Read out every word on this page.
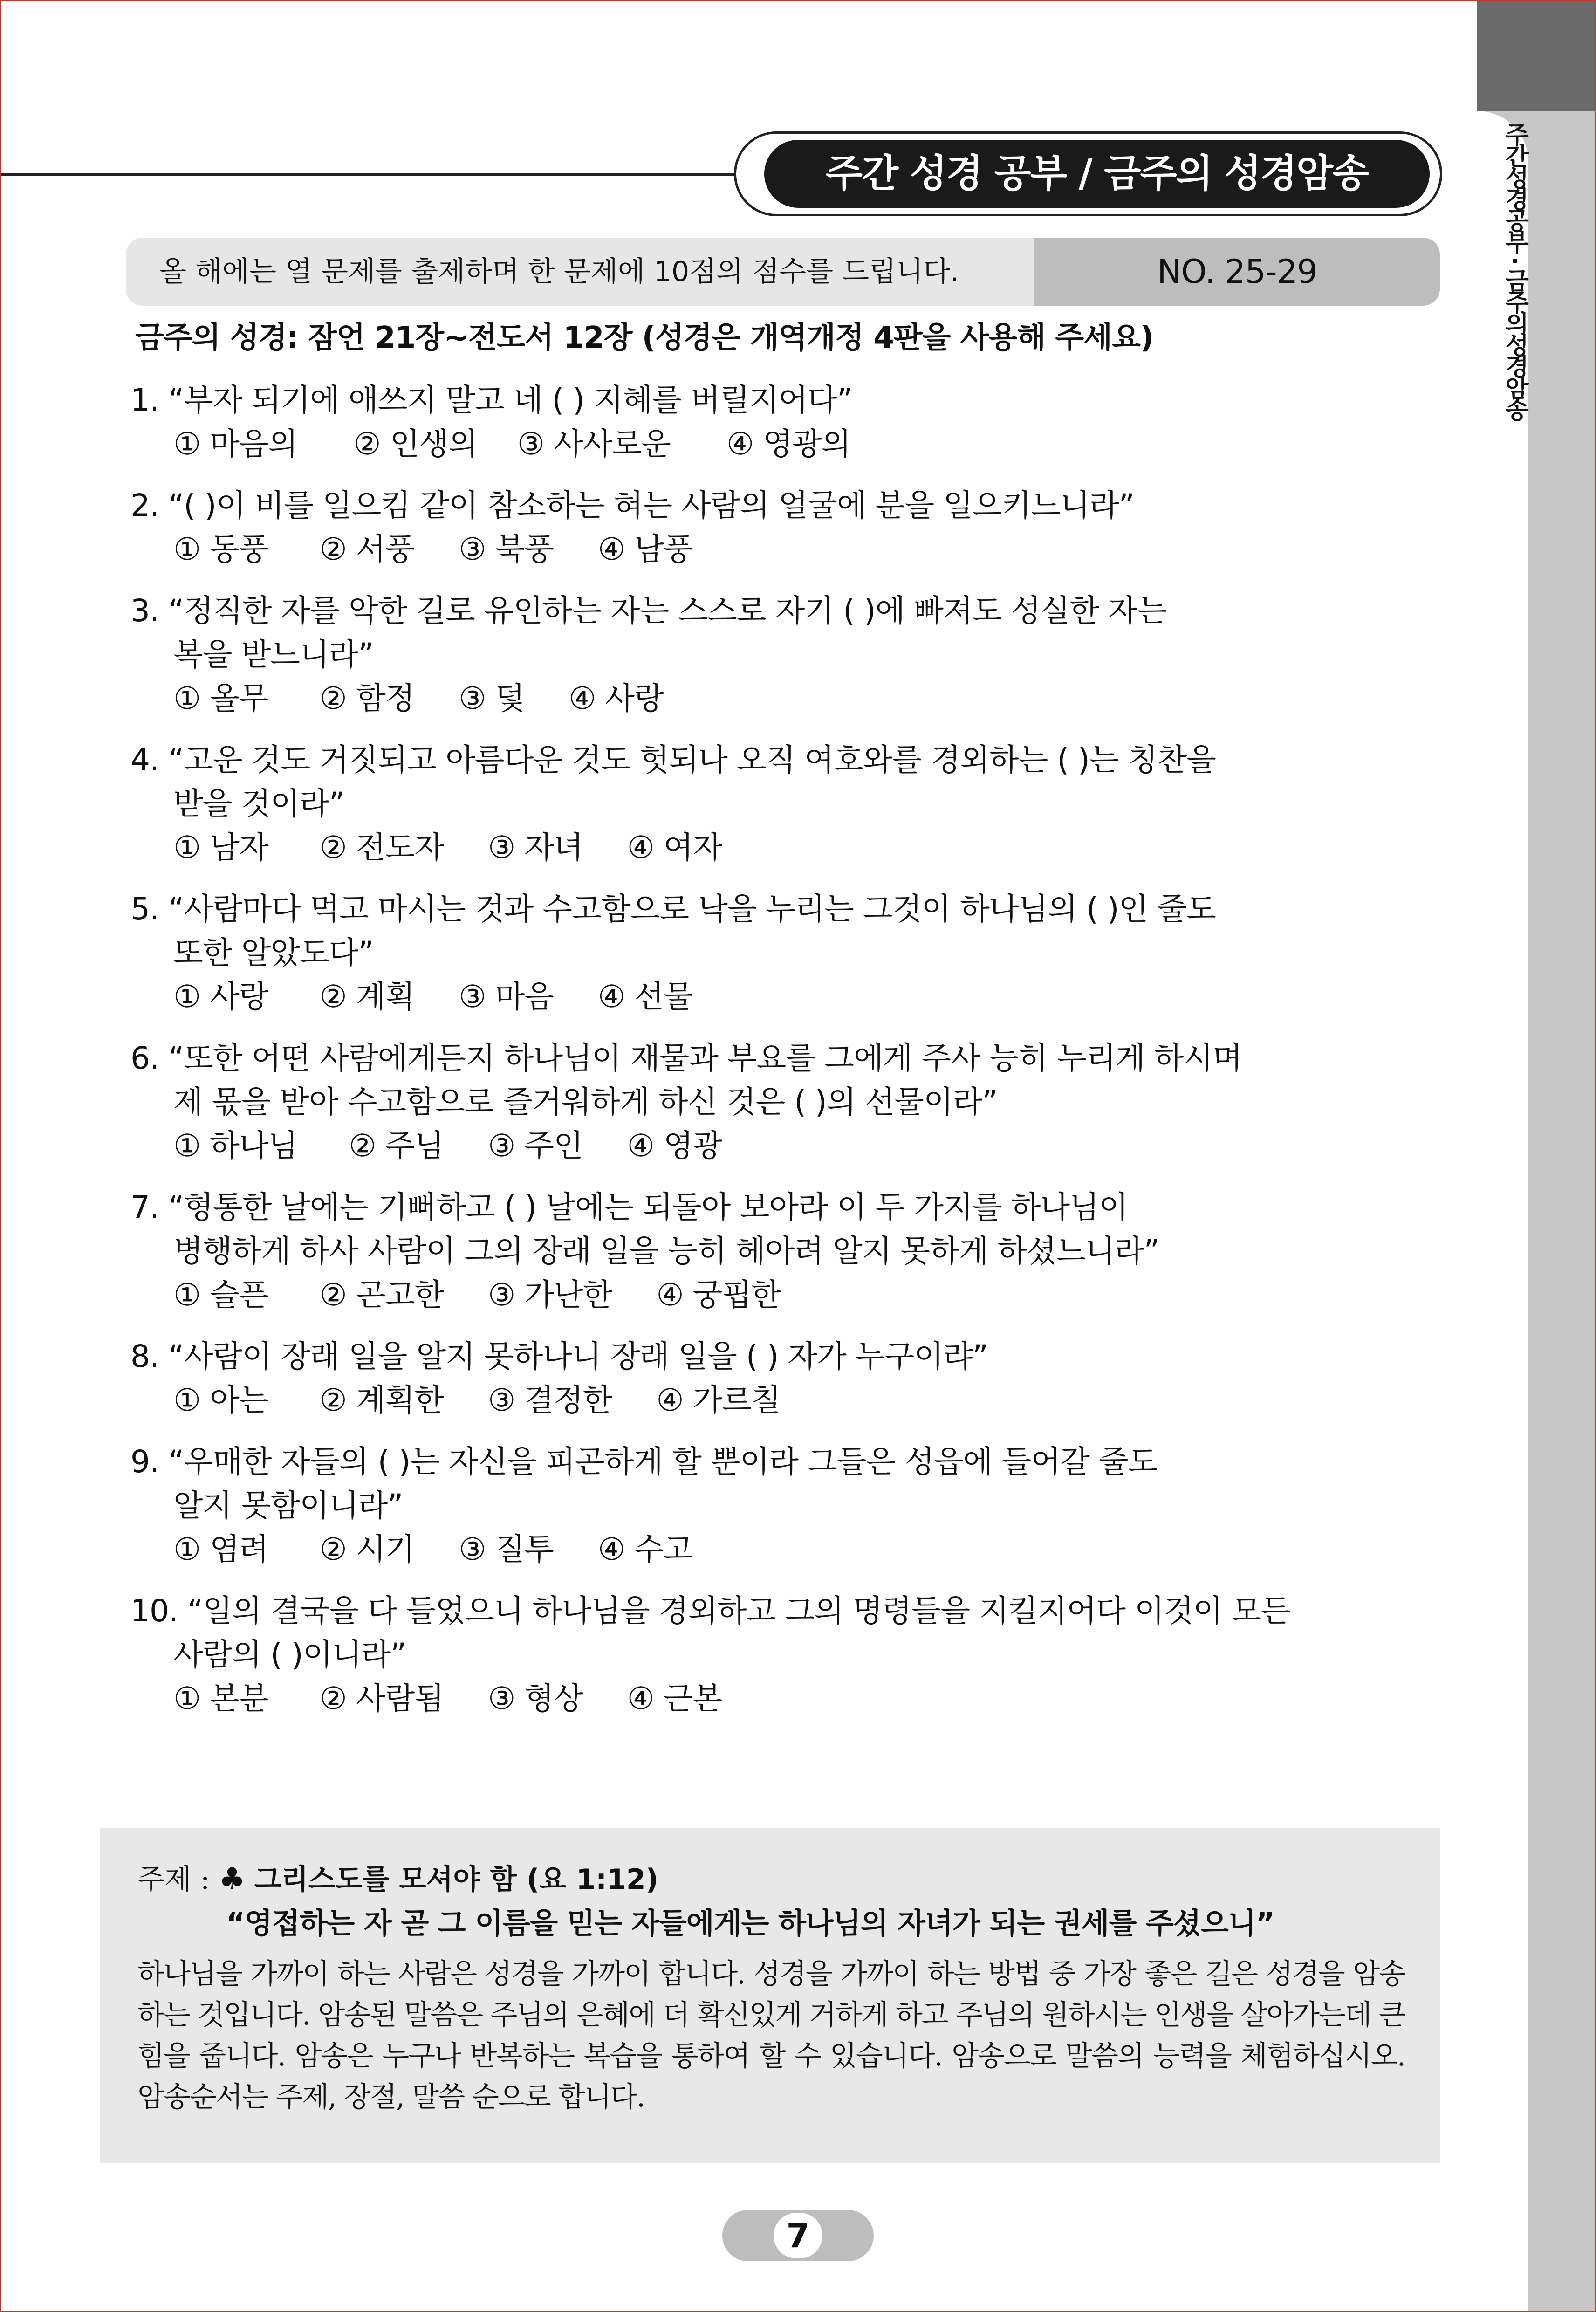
주간성경공부 · 금주의성경암송
주간 성경 공부 / 금주의 성경암송
올 해에는 열 문제를 출제하며 한 문제에 10점의 점수를 드립니다.	NO. 25-29
금주의 성경: 잠언 21장~전도서 12장 (성경은 개역개정 4판을 사용해 주세요)
1. “부자 되기에 애쓰지 말고 네 ( ) 지혜를 버릴지어다”
① 마음의 ② 인생의 ③ 사사로운 ④ 영광의
2. “( )이 비를 일으킴 같이 참소하는 혀는 사람의 얼굴에 분을 일으키느니라”
① 동풍 ② 서풍 ③ 북풍 ④ 남풍
3. “정직한 자를 악한 길로 유인하는 자는 스스로 자기 ( )에 빠져도 성실한 자는
복을 받느니라”
① 올무 ② 함정 ③ 덫 ④ 사랑
4. “고운 것도 거짓되고 아름다운 것도 헛되나 오직 여호와를 경외하는 ( )는 칭찬을
받을 것이라”
① 남자 ② 전도자 ③ 자녀 ④ 여자
5. “사람마다 먹고 마시는 것과 수고함으로 낙을 누리는 그것이 하나님의 ( )인 줄도
또한 알았도다”
① 사랑 ② 계획 ③ 마음 ④ 선물
6. “또한 어떤 사람에게든지 하나님이 재물과 부요를 그에게 주사 능히 누리게 하시며
제 몫을 받아 수고함으로 즐거워하게 하신 것은 ( )의 선물이라”
① 하나님 ② 주님 ③ 주인 ④ 영광
7. “형통한 날에는 기뻐하고 ( ) 날에는 되돌아 보아라 이 두 가지를 하나님이
병행하게 하사 사람이 그의 장래 일을 능히 헤아려 알지 못하게 하셨느니라”
① 슬픈 ② 곤고한 ③ 가난한 ④ 궁핍한
8. “사람이 장래 일을 알지 못하나니 장래 일을 ( ) 자가 누구이랴”
① 아는 ② 계획한 ③ 결정한 ④ 가르칠
9. “우매한 자들의 ( )는 자신을 피곤하게 할 뿐이라 그들은 성읍에 들어갈 줄도
알지 못함이니라”
① 염려 ② 시기 ③ 질투 ④ 수고
10. “일의 결국을 다 들었으니 하나님을 경외하고 그의 명령들을 지킬지어다 이것이 모든
사람의 ( )이니라”
① 본분 ② 사람됨 ③ 형상 ④ 근본
주제 : ♣ 그리스도를 모셔야 함 (요 1:12)
“영접하는 자 곧 그 이름을 믿는 자들에게는 하나님의 자녀가 되는 권세를 주셨으니”
하나님을 가까이 하는 사람은 성경을 가까이 합니다. 성경을 가까이 하는 방법 중 가장 좋은 길은 성경을 암송하는 것입니다. 암송된 말씀은 주님의 은혜에 더 확신있게 거하게 하고 주님의 원하시는 인생을 살아가는데 큰 힘을 줍니다. 암송은 누구나 반복하는 복습을 통하여 할 수 있습니다. 암송으로 말씀의 능력을 체험하십시오. 암송순서는 주제, 장절, 말씀 순으로 합니다.
7
